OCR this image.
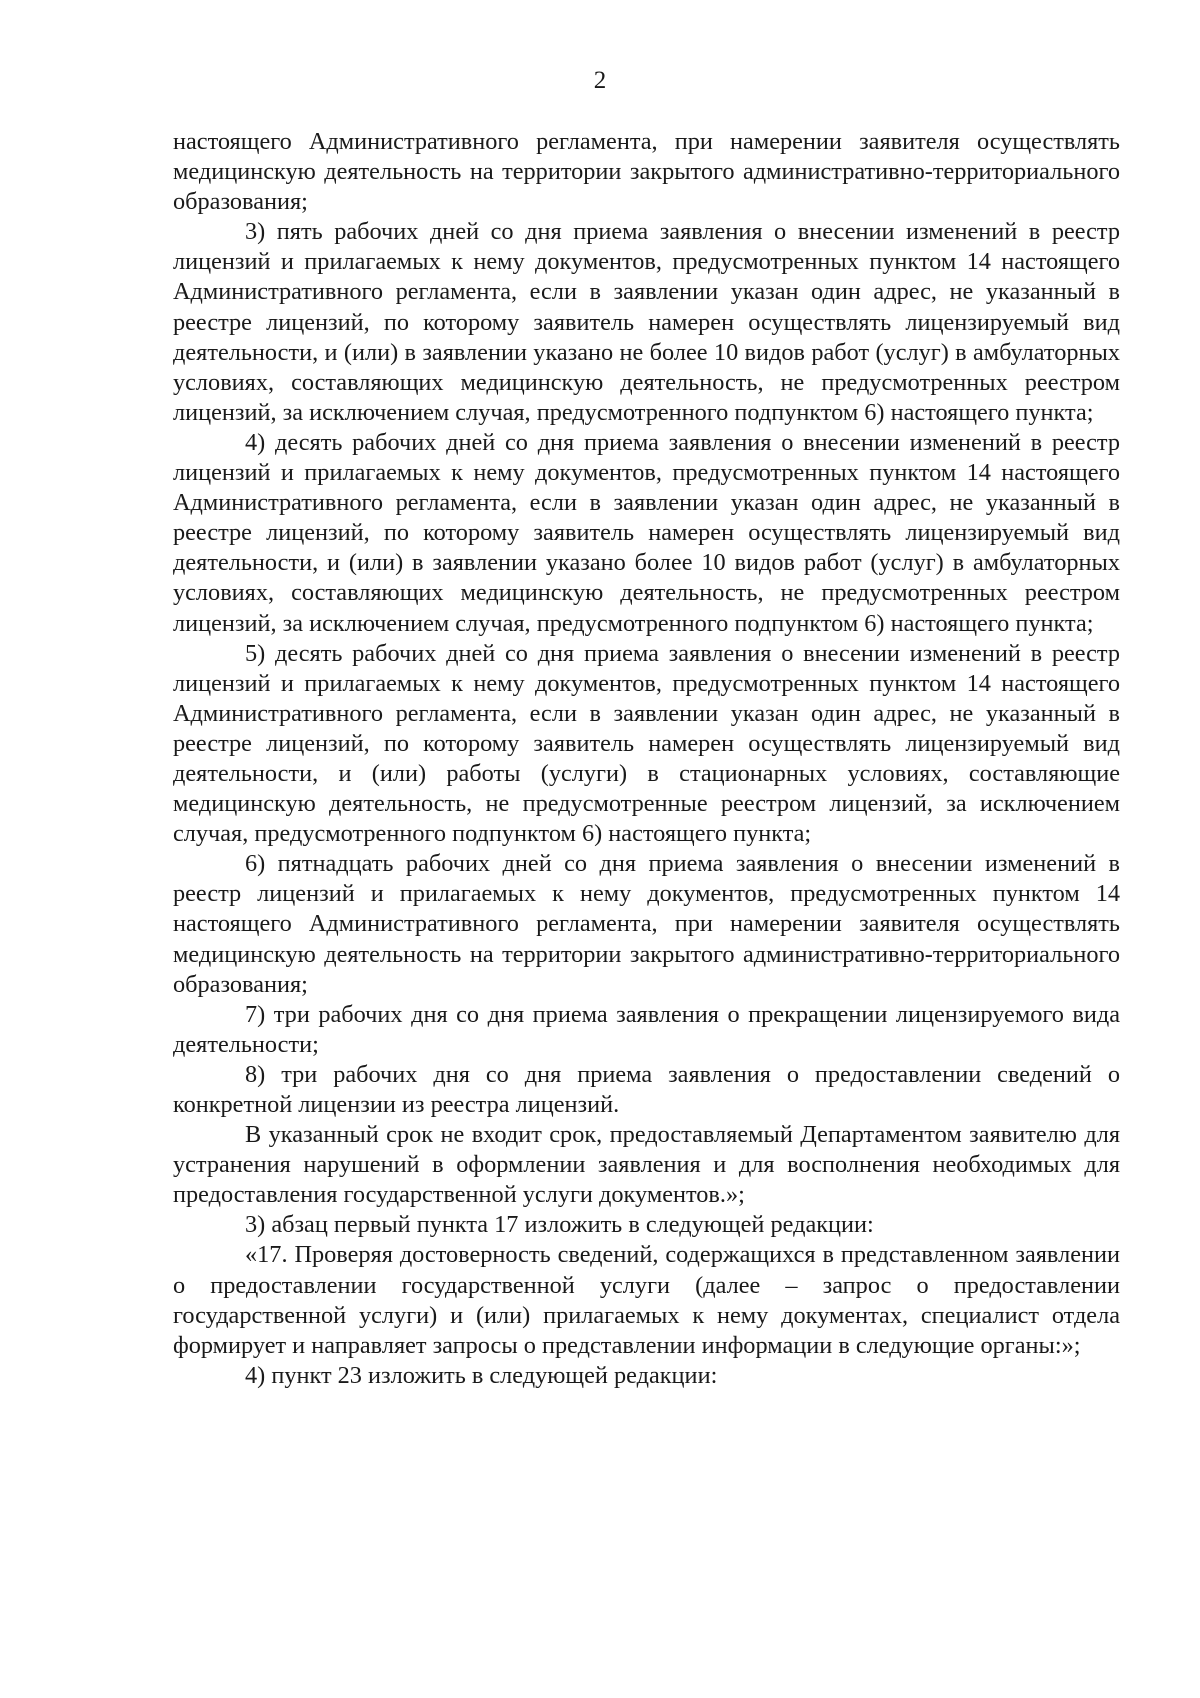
2

настоящего Административного регламента, при намерении заявителя осуществлять медицинскую деятельность на территории закрытого административно-территориального образования;

3) пять рабочих дней со дня приема заявления о внесении изменений в реестр лицензий и прилагаемых к нему документов, предусмотренных пунктом 14 настоящего Административного регламента, если в заявлении указан один адрес, не указанный в реестре лицензий, по которому заявитель намерен осуществлять лицензируемый вид деятельности, и (или) в заявлении указано не более 10 видов работ (услуг) в амбулаторных условиях, составляющих медицинскую деятельность, не предусмотренных реестром лицензий, за исключением случая, предусмотренного подпунктом 6) настоящего пункта;

4) десять рабочих дней со дня приема заявления о внесении изменений в реестр лицензий и прилагаемых к нему документов, предусмотренных пунктом 14 настоящего Административного регламента, если в заявлении указан один адрес, не указанный в реестре лицензий, по которому заявитель намерен осуществлять лицензируемый вид деятельности, и (или) в заявлении указано более 10 видов работ (услуг) в амбулаторных условиях, составляющих медицинскую деятельность, не предусмотренных реестром лицензий, за исключением случая, предусмотренного подпунктом 6) настоящего пункта;

5) десять рабочих дней со дня приема заявления о внесении изменений в реестр лицензий и прилагаемых к нему документов, предусмотренных пунктом 14 настоящего Административного регламента, если в заявлении указан один адрес, не указанный в реестре лицензий, по которому заявитель намерен осуществлять лицензируемый вид деятельности, и (или) работы (услуги) в стационарных условиях, составляющие медицинскую деятельность, не предусмотренные реестром лицензий, за исключением случая, предусмотренного подпунктом 6) настоящего пункта;

6) пятнадцать рабочих дней со дня приема заявления о внесении изменений в реестр лицензий и прилагаемых к нему документов, предусмотренных пунктом 14 настоящего Административного регламента, при намерении заявителя осуществлять медицинскую деятельность на территории закрытого административно-территориального образования;

7) три рабочих дня со дня приема заявления о прекращении лицензируемого вида деятельности;

8) три рабочих дня со дня приема заявления о предоставлении сведений о конкретной лицензии из реестра лицензий.

В указанный срок не входит срок, предоставляемый Департаментом заявителю для устранения нарушений в оформлении заявления и для восполнения необходимых для предоставления государственной услуги документов.»;

3) абзац первый пункта 17 изложить в следующей редакции:

«17. Проверяя достоверность сведений, содержащихся в представленном заявлении о предоставлении государственной услуги (далее – запрос о предоставлении государственной услуги) и (или) прилагаемых к нему документах, специалист отдела формирует и направляет запросы о представлении информации в следующие органы:»;

4) пункт 23 изложить в следующей редакции:
